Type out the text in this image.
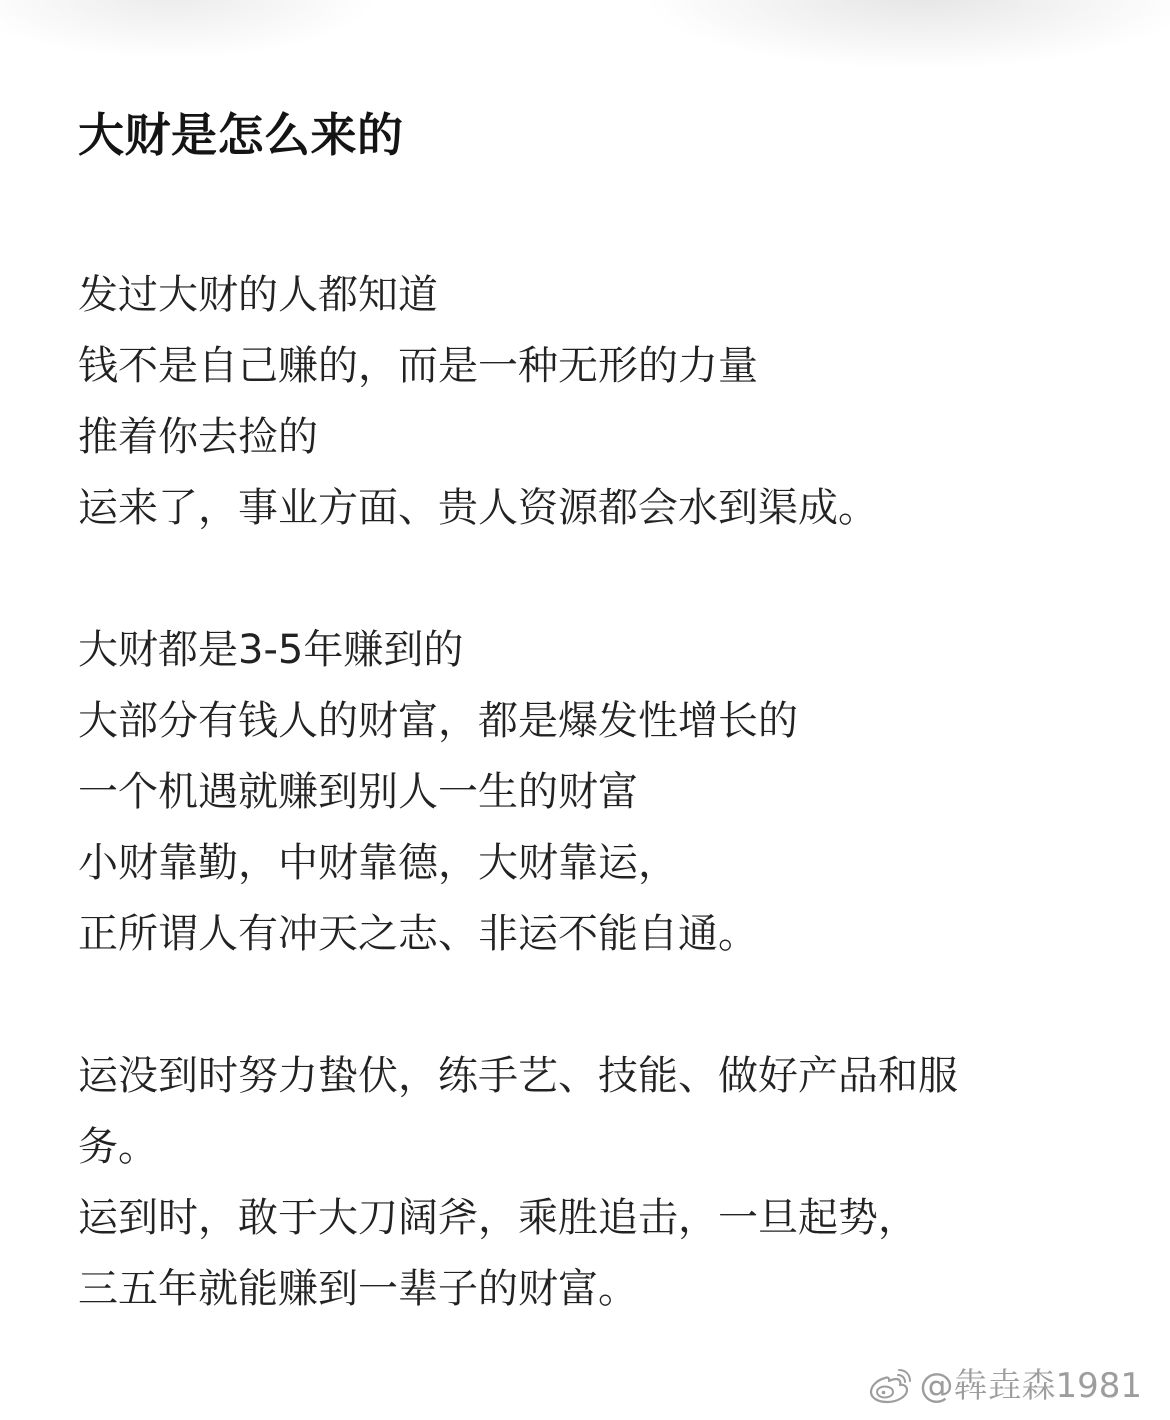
大财是怎么来的

发过大财的人都知道
钱不是自己赚的，而是一种无形的力量
推着你去捡的
运来了，事业方面、贵人资源都会水到渠成。

大财都是3-5年赚到的
大部分有钱人的财富，都是爆发性增长的
一个机遇就赚到别人一生的财富
小财靠勤，中财靠德，大财靠运，
正所谓人有冲天之志、非运不能自通。

运没到时努力蛰伏，练手艺、技能、做好产品和服
务。
运到时，敢于大刀阔斧，乘胜追击，一旦起势，
三五年就能赚到一辈子的财富。

@犇垚森1981
